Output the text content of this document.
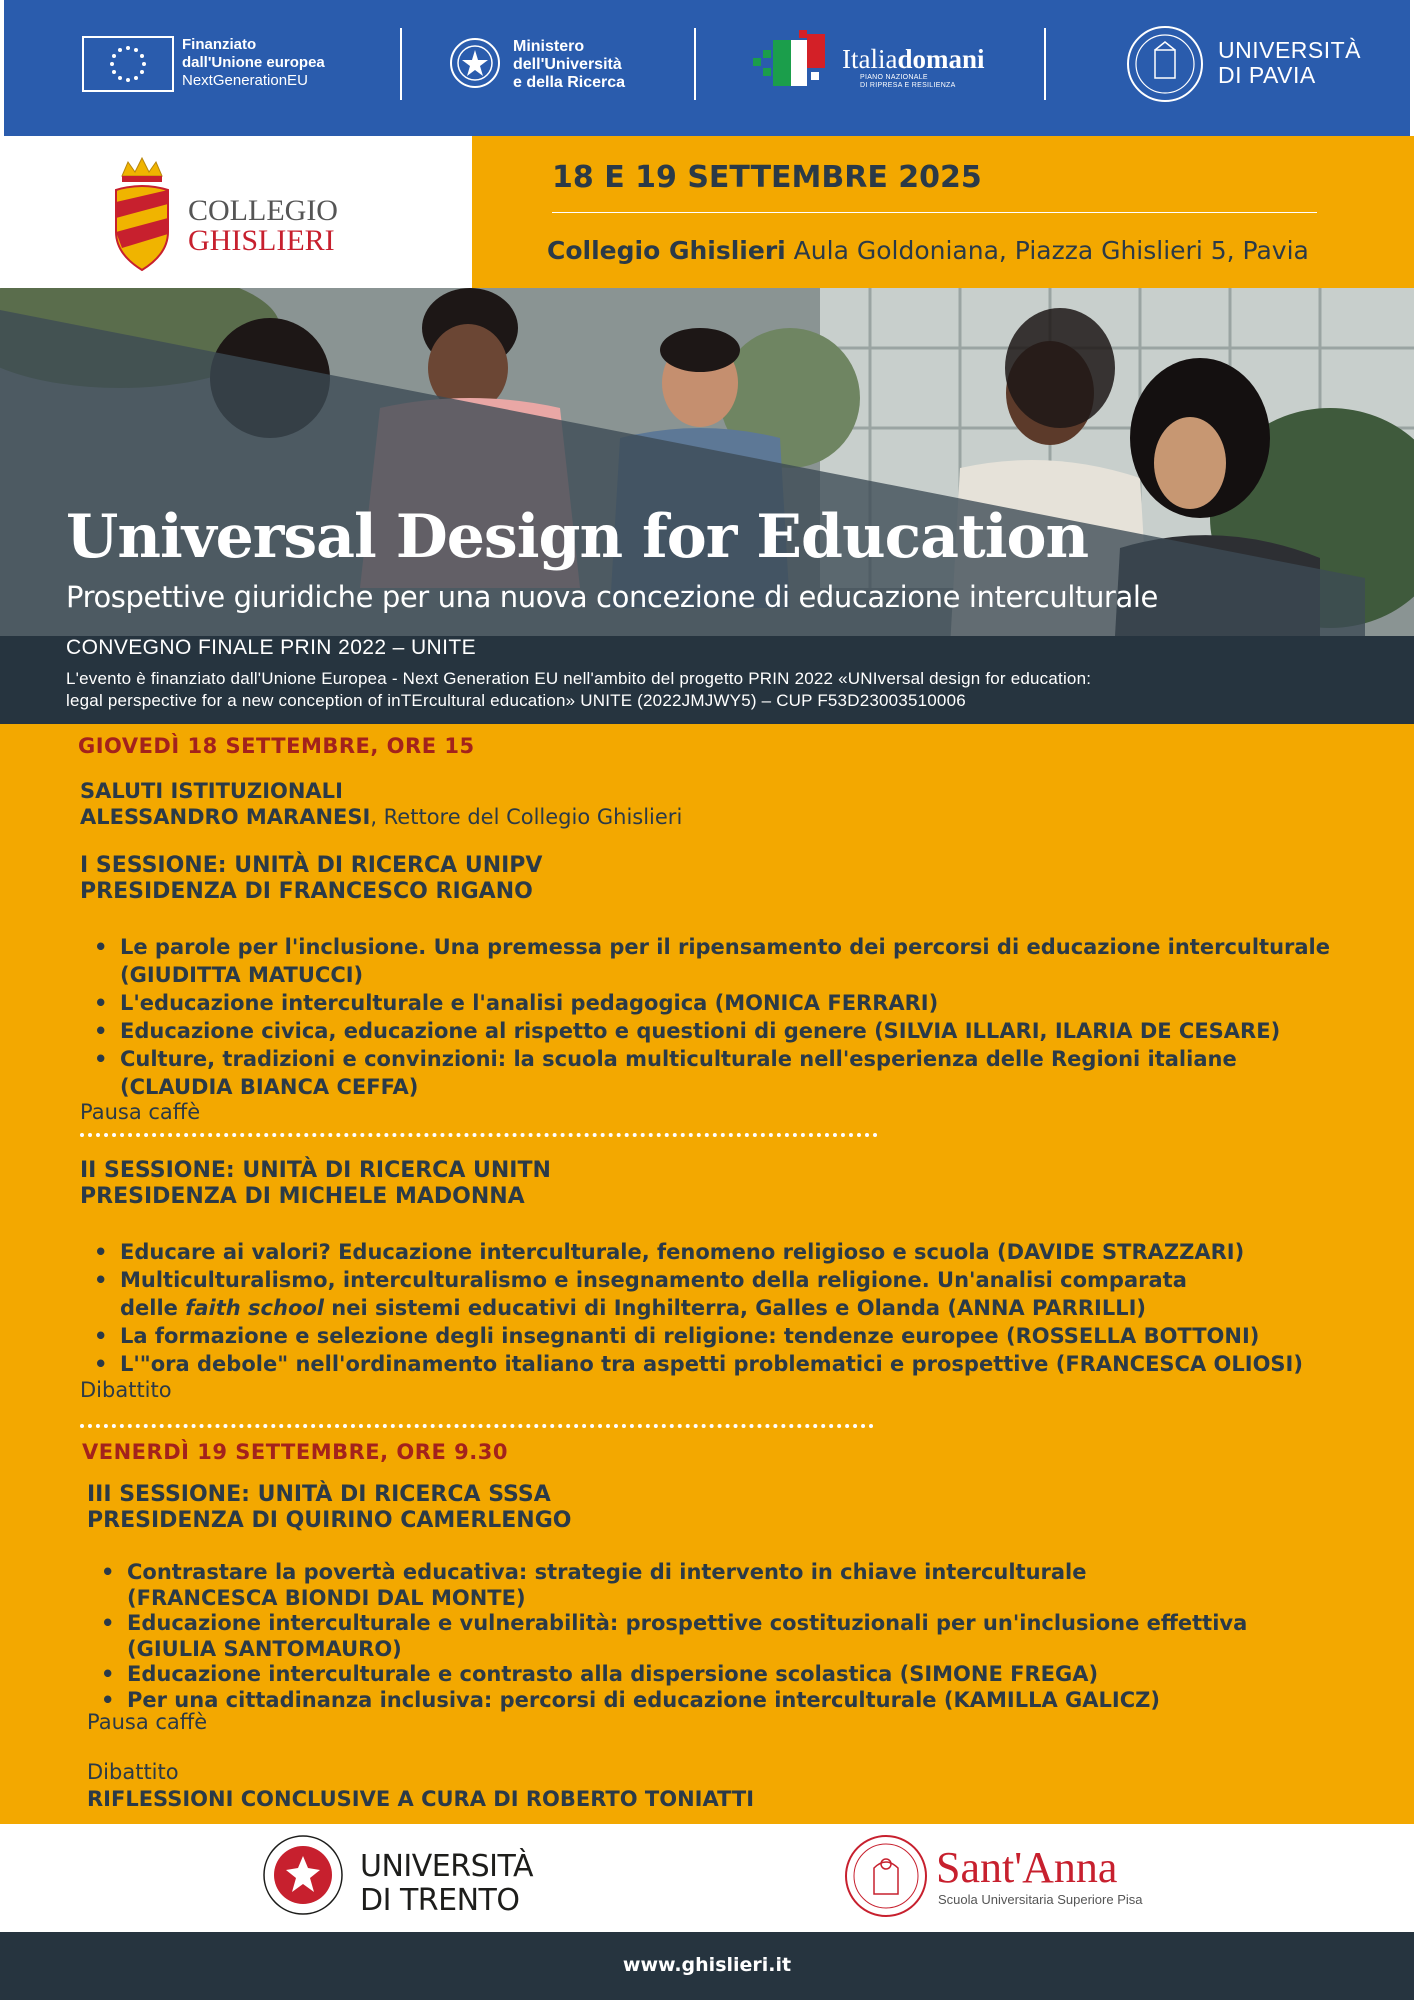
Finanziato
dall'Unione europea
NextGenerationEU
Ministero
dell'Università
e della Ricerca
Italiadomani
PIANO NAZIONALE
DI RIPRESA E RESILIENZA
UNIVERSITÀ
DI PAVIA
COLLEGIO
GHISLIERI
18 E 19 SETTEMBRE 2025
Collegio Ghislieri Aula Goldoniana, Piazza Ghislieri 5, Pavia
Universal Design for Education
Prospettive giuridiche per una nuova concezione di educazione interculturale
CONVEGNO FINALE PRIN 2022 – UNITE
L'evento è finanziato dall'Unione Europea - Next Generation EU nell'ambito del progetto PRIN 2022 «UNIversal design for education:
legal perspective for a new conception of inTErcultural education» UNITE (2022JMJWY5) – CUP F53D23003510006
GIOVEDÌ 18 SETTEMBRE, ORE 15
SALUTI ISTITUZIONALI
ALESSANDRO MARANESI, Rettore del Collegio Ghislieri
I SESSIONE: UNITÀ DI RICERCA UNIPV
PRESIDENZA DI FRANCESCO RIGANO
• Le parole per l'inclusione. Una premessa per il ripensamento dei percorsi di educazione interculturale
(GIUDITTA MATUCCI)
• L'educazione interculturale e l'analisi pedagogica (MONICA FERRARI)
• Educazione civica, educazione al rispetto e questioni di genere (SILVIA ILLARI, ILARIA DE CESARE)
• Culture, tradizioni e convinzioni: la scuola multiculturale nell'esperienza delle Regioni italiane
(CLAUDIA BIANCA CEFFA)
Pausa caffè
II SESSIONE: UNITÀ DI RICERCA UNITN
PRESIDENZA DI MICHELE MADONNA
• Educare ai valori? Educazione interculturale, fenomeno religioso e scuola (DAVIDE STRAZZARI)
• Multiculturalismo, interculturalismo e insegnamento della religione. Un'analisi comparata
delle faith school nei sistemi educativi di Inghilterra, Galles e Olanda (ANNA PARRILLI)
• La formazione e selezione degli insegnanti di religione: tendenze europee (ROSSELLA BOTTONI)
• L'"ora debole" nell'ordinamento italiano tra aspetti problematici e prospettive (FRANCESCA OLIOSI)
Dibattito
VENERDÌ 19 SETTEMBRE, ORE 9.30
III SESSIONE: UNITÀ DI RICERCA SSSA
PRESIDENZA DI QUIRINO CAMERLENGO
• Contrastare la povertà educativa: strategie di intervento in chiave interculturale
(FRANCESCA BIONDI DAL MONTE)
• Educazione interculturale e vulnerabilità: prospettive costituzionali per un'inclusione effettiva
(GIULIA SANTOMAURO)
• Educazione interculturale e contrasto alla dispersione scolastica (SIMONE FREGA)
• Per una cittadinanza inclusiva: percorsi di educazione interculturale (KAMILLA GALICZ)
Pausa caffè
Dibattito
RIFLESSIONI CONCLUSIVE A CURA DI ROBERTO TONIATTI
UNIVERSITÀ
DI TRENTO
Sant'Anna
Scuola Universitaria Superiore Pisa
www.ghislieri.it
